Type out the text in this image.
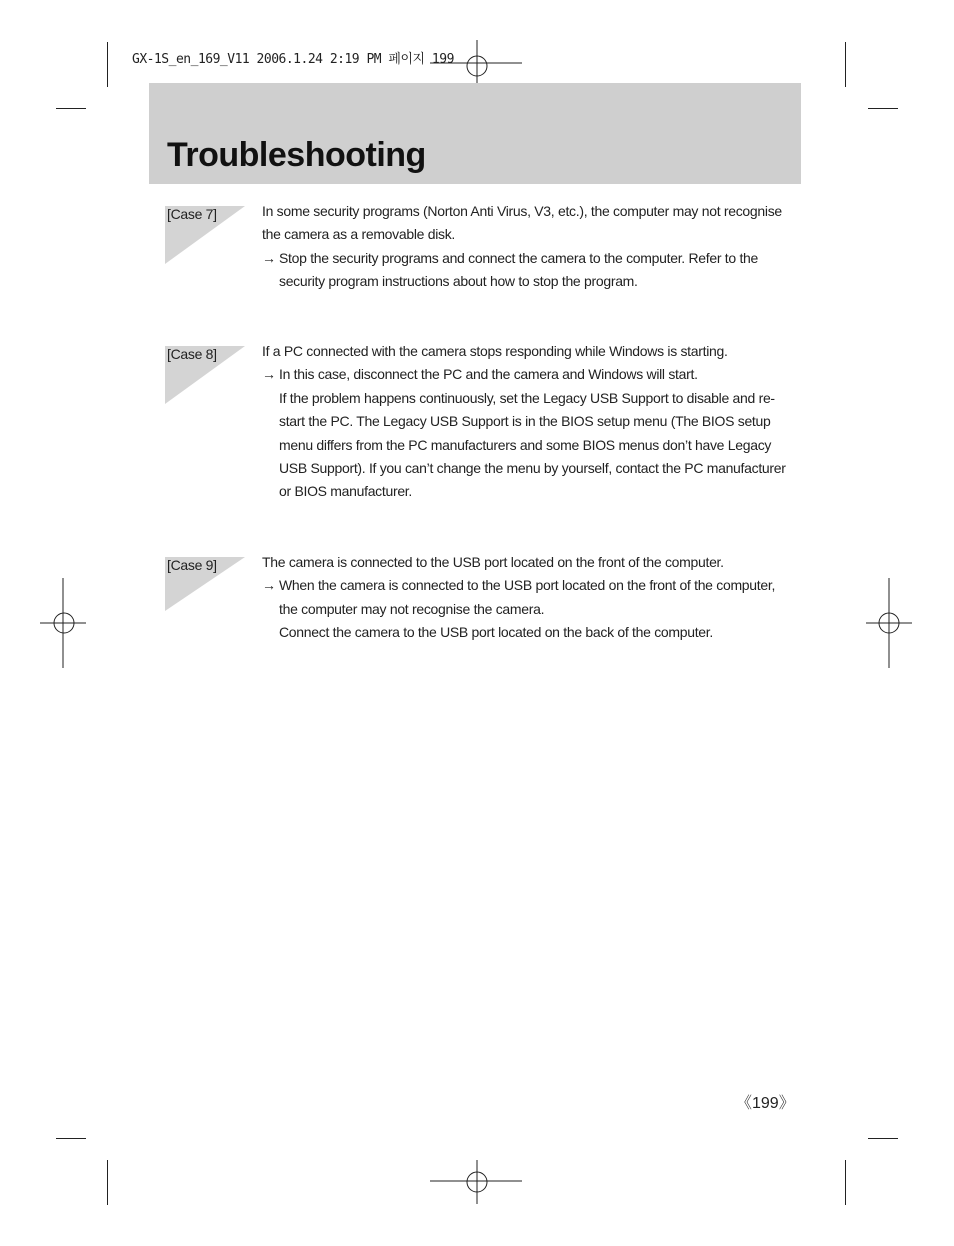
GX-1S_en_169_V11 2006.1.24 2:19 PM 페이지 199
Troubleshooting
[Case 7]	In some security programs (Norton Anti Virus, V3, etc.), the computer may not recognise the camera as a removable disk.

→ Stop the security programs and connect the camera to the computer. Refer to the security program instructions about how to stop the program.

[Case 8]	If a PC connected with the camera stops responding while Windows is starting.

→ In this case, disconnect the PC and the camera and Windows will start.

If the problem happens continuously, set the Legacy USB Support to disable and re-start the PC. The Legacy USB Support is in the BIOS setup menu (The BIOS setup menu differs from the PC manufacturers and some BIOS menus don’t have Legacy USB Support). If you can’t change the menu by yourself, contact the PC manufacturer or BIOS manufacturer.

[Case 9]	The camera is connected to the USB port located on the front of the computer.

→ When the camera is connected to the USB port located on the front of the computer, the computer may not recognise the camera.

Connect the camera to the USB port located on the back of the computer.

《199》
